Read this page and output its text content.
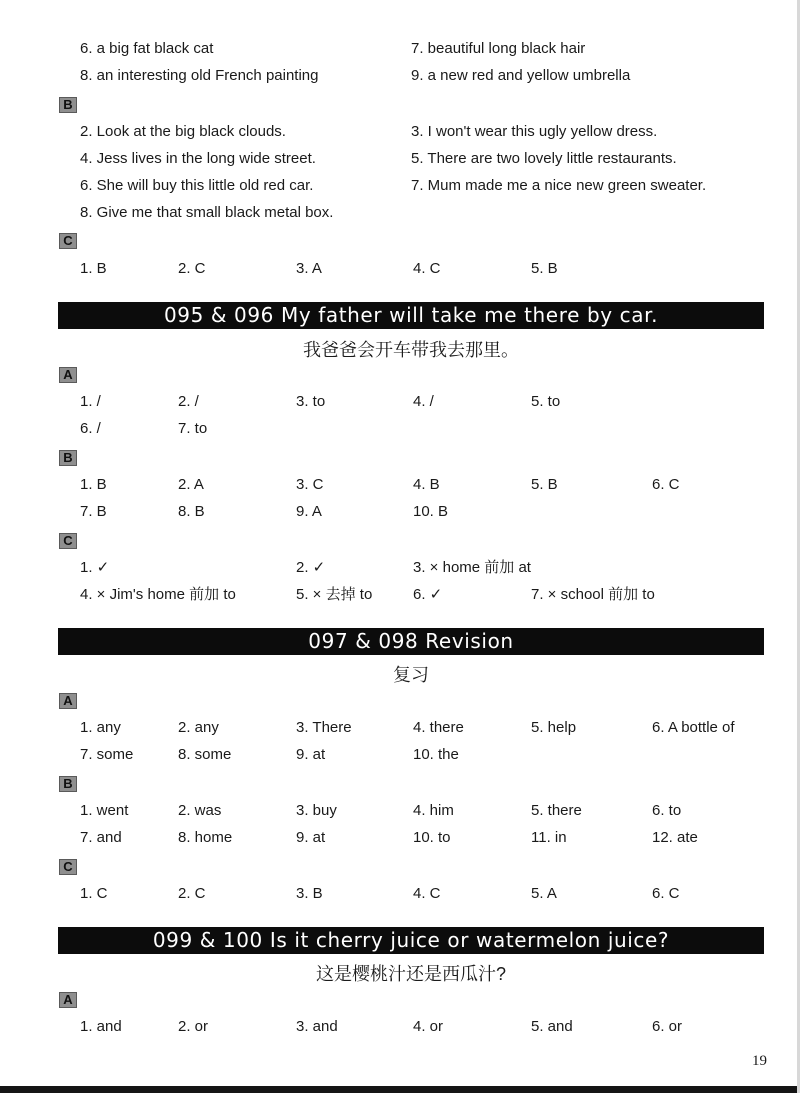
6. a big fat black cat	7. beautiful long black hair
8. an interesting old French painting	9. a new red and yellow umbrella
B
2. Look at the big black clouds.	3. I won't wear this ugly yellow dress.
4. Jess lives in the long wide street.	5. There are two lovely little restaurants.
6. She will buy this little old red car.	7. Mum made me a nice new green sweater.
8. Give me that small black metal box.
C
1. B	2. C	3. A	4. C	5. B
095 & 096 My father will take me there by car.
我爸爸会开车带我去那里。
A
1. /	2. /	3. to	4. /	5. to
6. /	7. to
B
1. B	2. A	3. C	4. B	5. B	6. C
7. B	8. B	9. A	10. B
C
1. ✓	2. ✓	3. × home 前加 at
4. × Jim's home 前加 to	5. × 去掉 to	6. ✓	7. × school 前加 to
097 & 098 Revision
复习
A
1. any	2. any	3. There	4. there	5. help	6. A bottle of
7. some	8. some	9. at	10. the
B
1. went	2. was	3. buy	4. him	5. there	6. to
7. and	8. home	9. at	10. to	11. in	12. ate
C
1. C	2. C	3. B	4. C	5. A	6. C
099 & 100 Is it cherry juice or watermelon juice?
这是樱桃汁还是西瓜汁?
A
1. and	2. or	3. and	4. or	5. and	6. or
19
